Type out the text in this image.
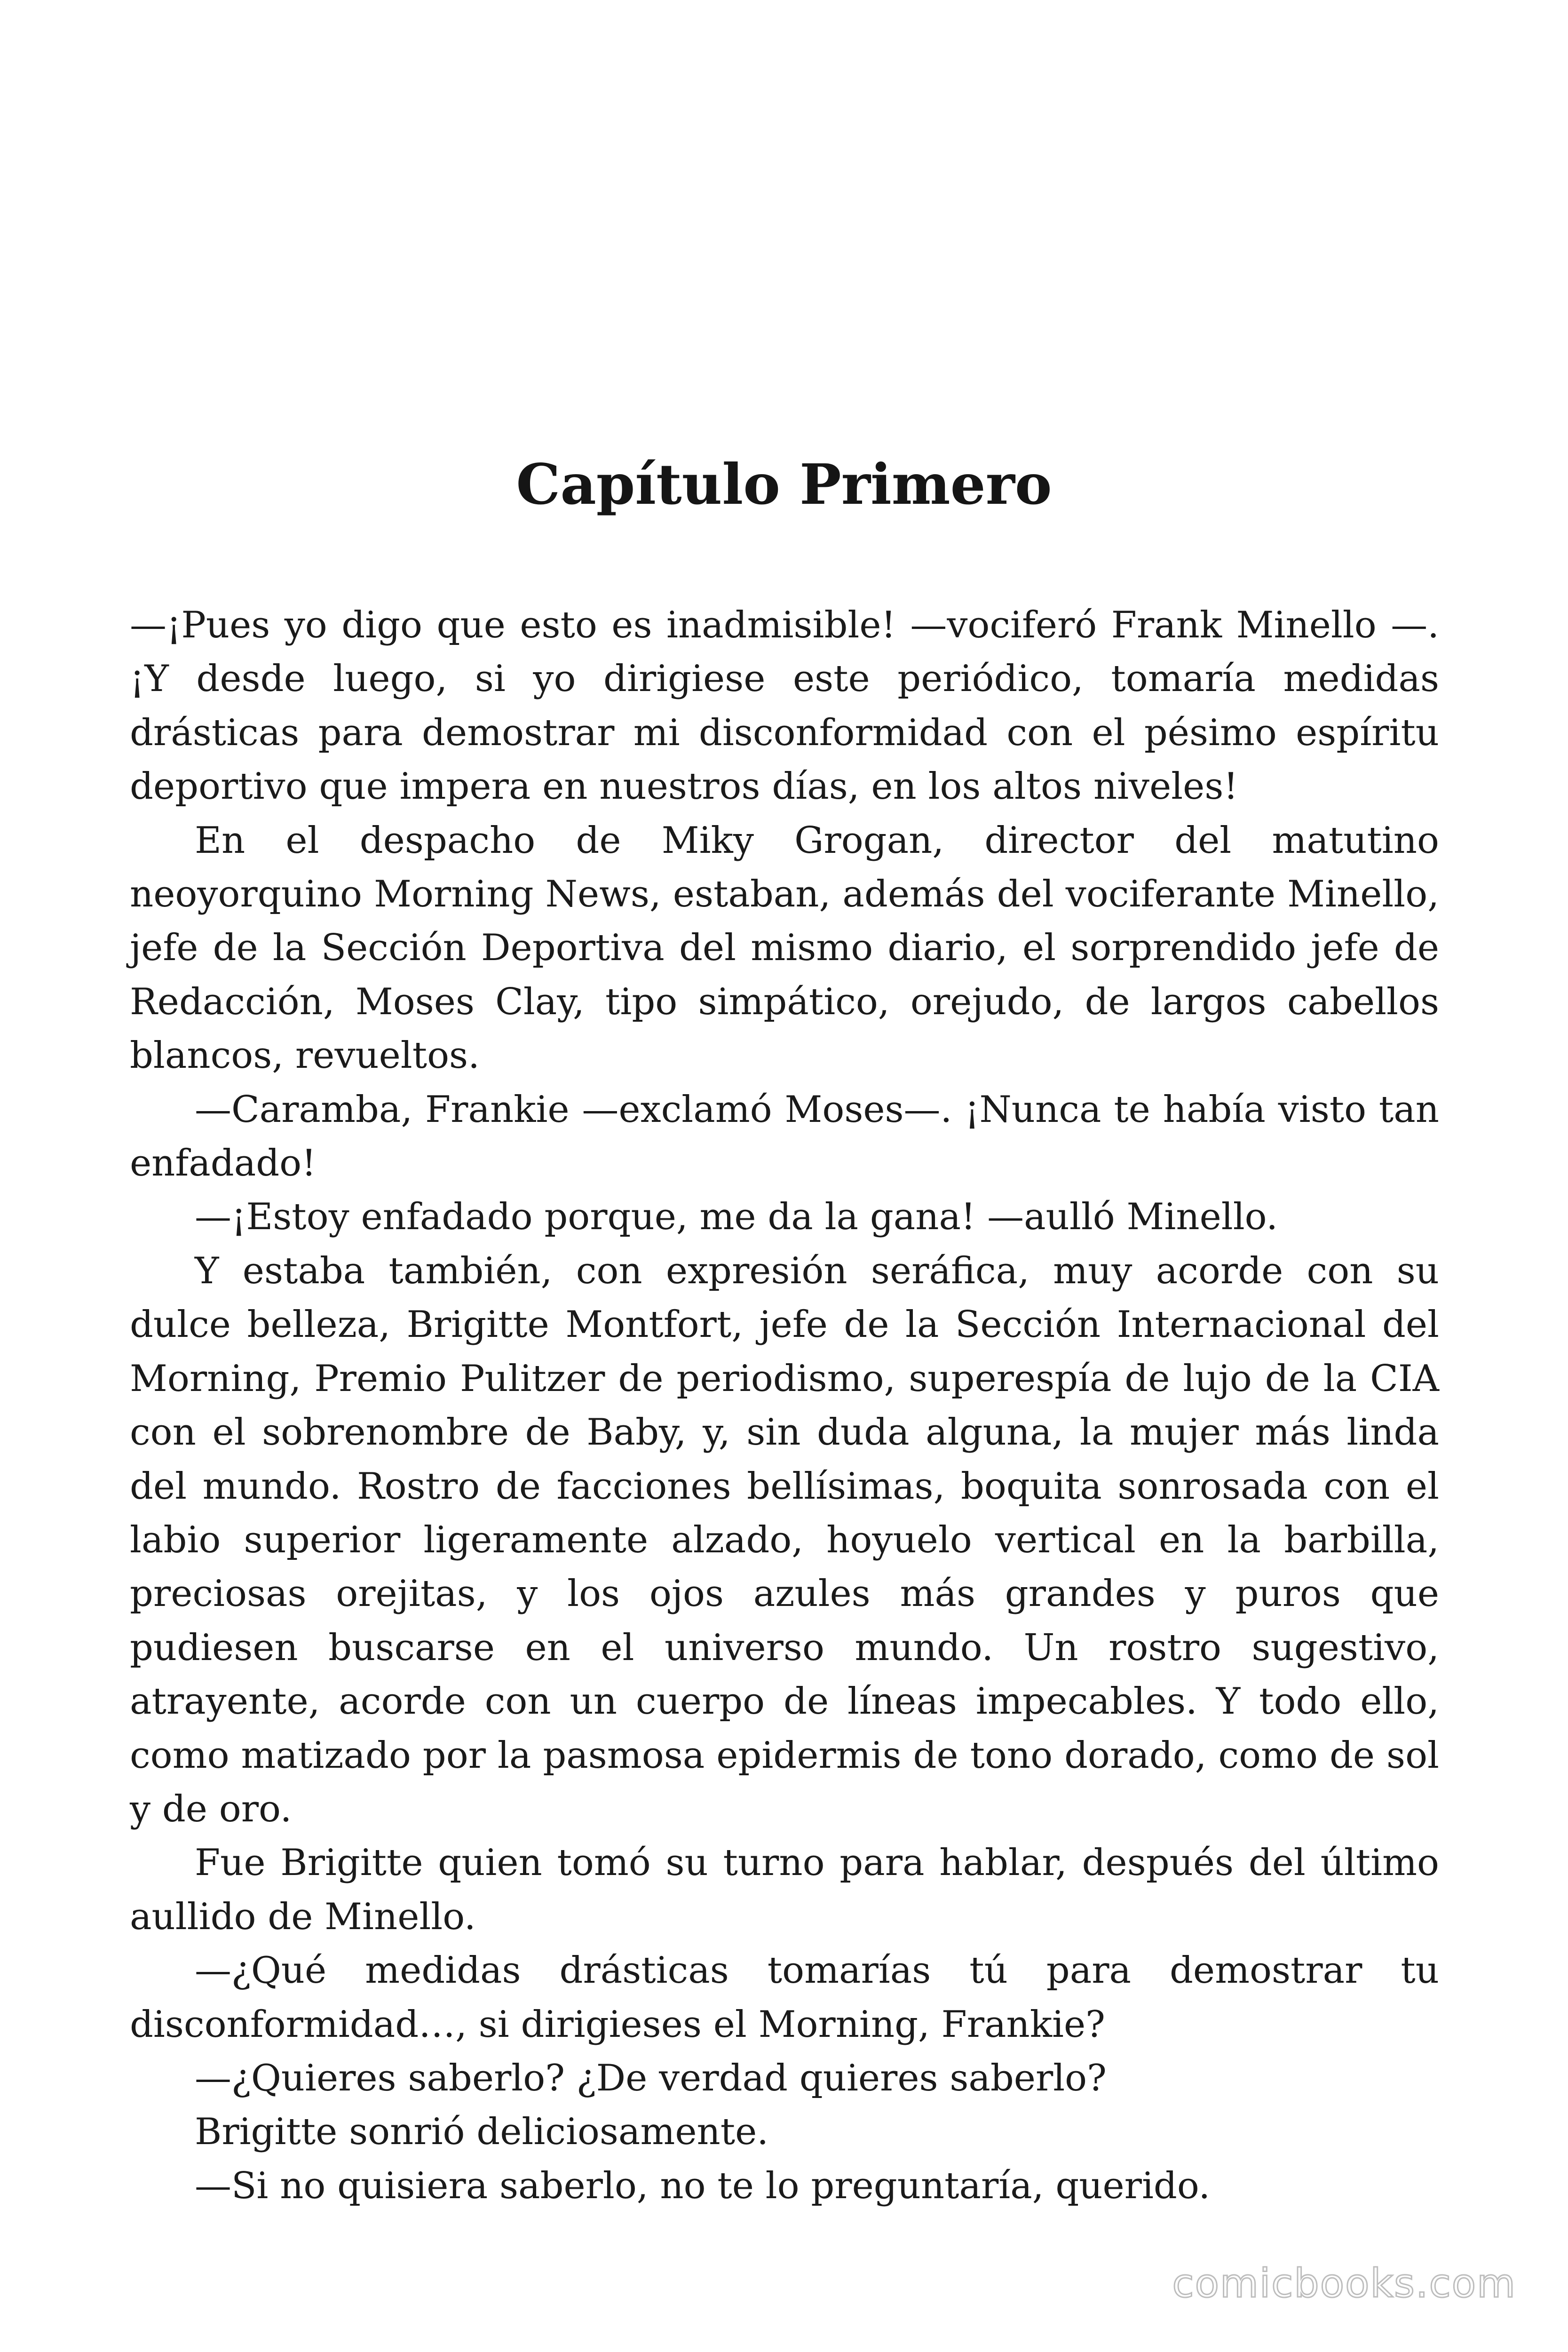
Capítulo Primero

—¡Pues yo digo que esto es inadmisible! —vociferó Frank Minello —. ¡Y desde luego, si yo dirigiese este periódico, tomaría medidas drásticas para demostrar mi disconformidad con el pésimo espíritu deportivo que impera en nuestros días, en los altos niveles!

En el despacho de Miky Grogan, director del matutino neoyorquino Morning News, estaban, además del vociferante Minello, jefe de la Sección Deportiva del mismo diario, el sorprendido jefe de Redacción, Moses Clay, tipo simpático, orejudo, de largos cabellos blancos, revueltos.

—Caramba, Frankie —exclamó Moses—. ¡Nunca te había visto tan enfadado!

—¡Estoy enfadado porque, me da la gana! —aulló Minello.

Y estaba también, con expresión seráfica, muy acorde con su dulce belleza, Brigitte Montfort, jefe de la Sección Internacional del Morning, Premio Pulitzer de periodismo, superespía de lujo de la CIA con el sobrenombre de Baby, y, sin duda alguna, la mujer más linda del mundo. Rostro de facciones bellísimas, boquita sonrosada con el labio superior ligeramente alzado, hoyuelo vertical en la barbilla, preciosas orejitas, y los ojos azules más grandes y puros que pudiesen buscarse en el universo mundo. Un rostro sugestivo, atrayente, acorde con un cuerpo de líneas impecables. Y todo ello, como matizado por la pasmosa epidermis de tono dorado, como de sol y de oro.

Fue Brigitte quien tomó su turno para hablar, después del último aullido de Minello.

—¿Qué medidas drásticas tomarías tú para demostrar tu disconformidad…, si dirigieses el Morning, Frankie?

—¿Quieres saberlo? ¿De verdad quieres saberlo?

Brigitte sonrió deliciosamente.

—Si no quisiera saberlo, no te lo preguntaría, querido.

comicbooks.com
